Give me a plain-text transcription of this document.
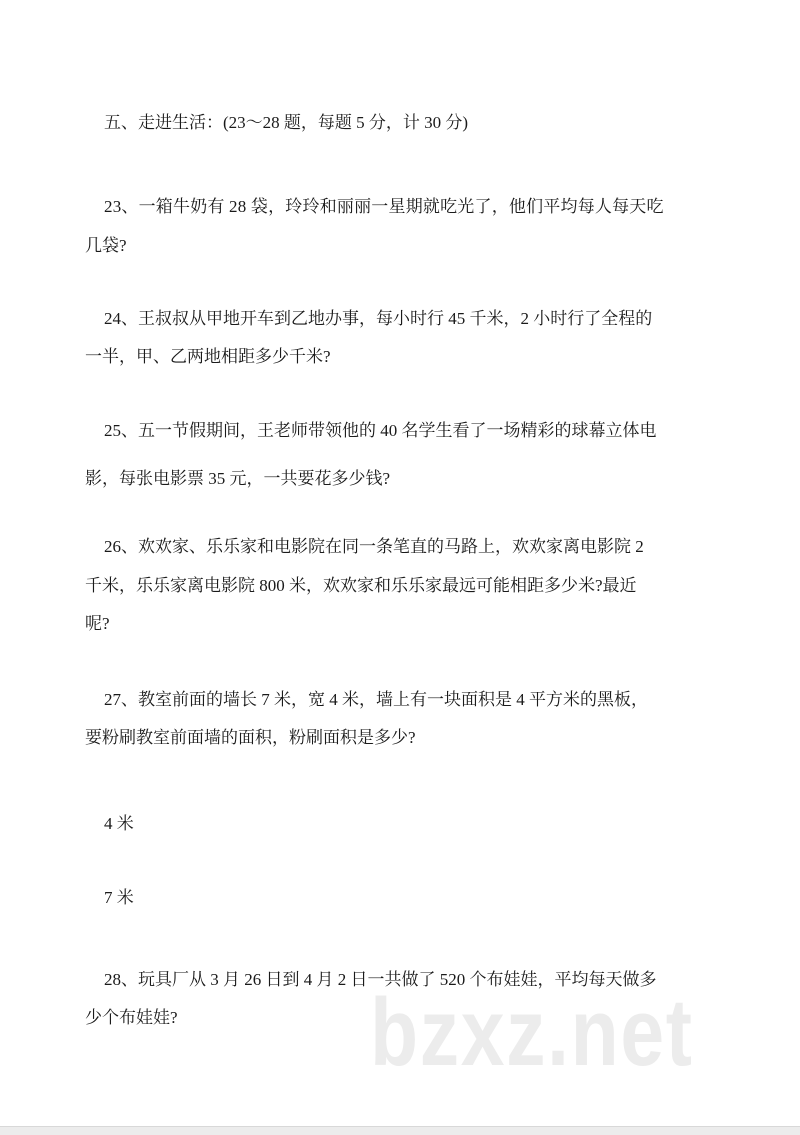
五、走进生活：(23～28 题，每题 5 分，计 30 分)
23、一箱牛奶有 28 袋，玲玲和丽丽一星期就吃光了，他们平均每人每天吃
几袋?
24、王叔叔从甲地开车到乙地办事，每小时行 45 千米，2 小时行了全程的
一半，甲、乙两地相距多少千米?
25、五一节假期间，王老师带领他的 40 名学生看了一场精彩的球幕立体电
影，每张电影票 35 元，一共要花多少钱?
26、欢欢家、乐乐家和电影院在同一条笔直的马路上，欢欢家离电影院 2
千米，乐乐家离电影院 800 米，欢欢家和乐乐家最远可能相距多少米?最近
呢?
27、教室前面的墙长 7 米，宽 4 米，墙上有一块面积是 4 平方米的黑板，
要粉刷教室前面墙的面积，粉刷面积是多少?
4 米
7 米
28、玩具厂从 3 月 26 日到 4 月 2 日一共做了 520 个布娃娃，平均每天做多
少个布娃娃? bzxz.net
